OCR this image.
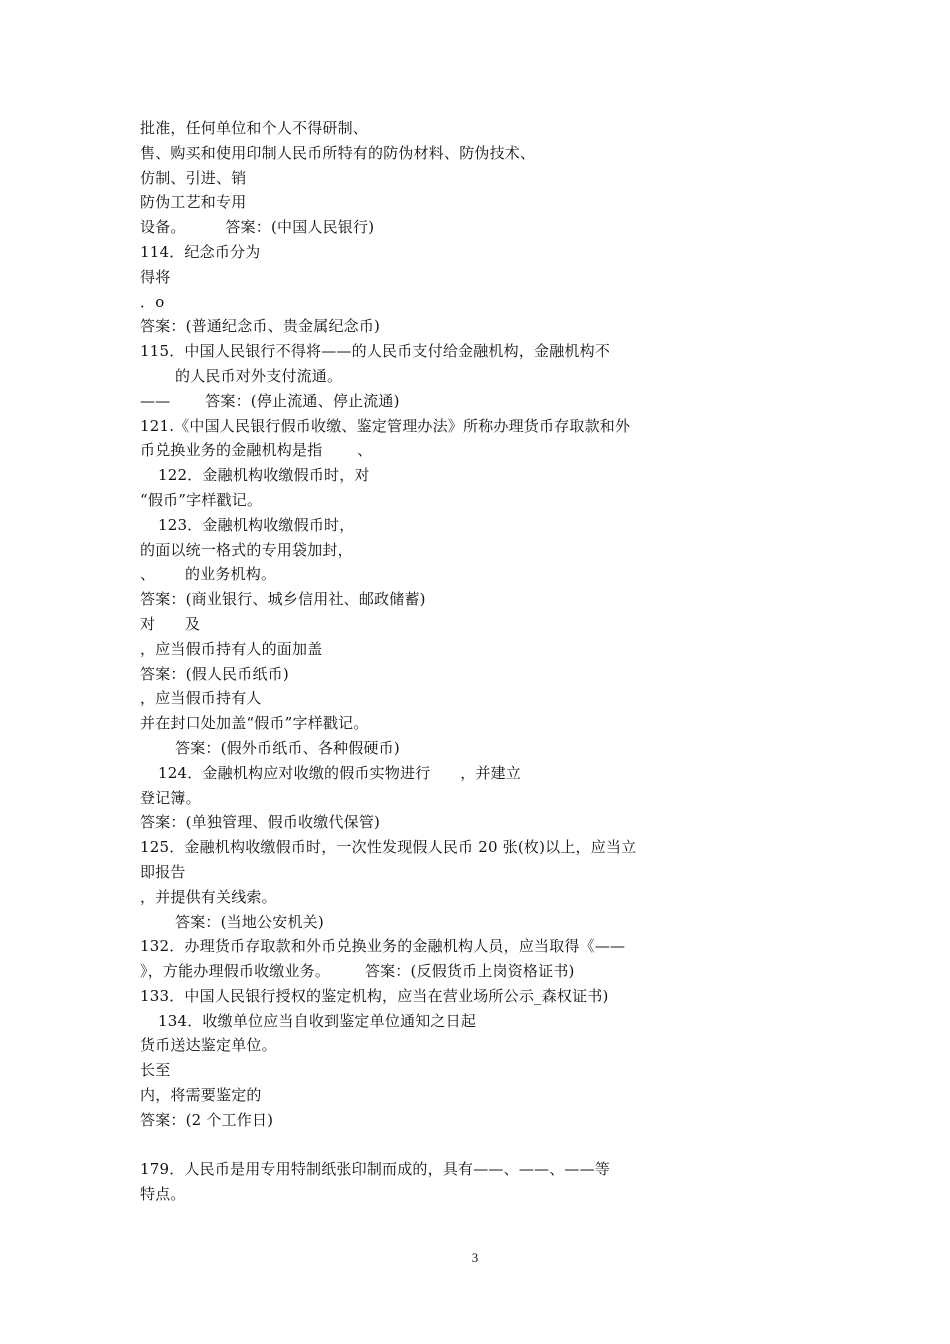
批准，任何单位和个人不得研制、
售、购买和使用印制人民币所特有的防伪材料、防伪技术、
仿制、引进、销
防伪工艺和专用
设备。        答案：(中国人民银行)
114．纪念币分为
得将
．o
答案：(普通纪念币、贵金属纪念币)
115．中国人民银行不得将——的人民币支付给金融机构，金融机构不
的人民币对外支付流通。
——       答案：(停止流通、停止流通)
121.《中国人民银行假币收缴、鉴定管理办法》所称办理货币存取款和外
币兑换业务的金融机构是指       、
122．金融机构收缴假币时，对
“假币”字样戳记。
123．金融机构收缴假币时，
的面以统一格式的专用袋加封，
、      的业务机构。
答案：(商业银行、城乡信用社、邮政储蓄)
对      及
，应当假币持有人的面加盖
答案：(假人民币纸币)
，应当假币持有人
并在封口处加盖“假币”字样戳记。
答案：(假外币纸币、各种假硬币)
124．金融机构应对收缴的假币实物进行      ，并建立
登记簿。
答案：(单独管理、假币收缴代保管)
125．金融机构收缴假币时，一次性发现假人民币 20 张(枚)以上，应当立
即报告
，并提供有关线索。
答案：(当地公安机关)
132．办理货币存取款和外币兑换业务的金融机构人员，应当取得《——
》，方能办理假币收缴业务。       答案：(反假货币上岗资格证书)
133．中国人民银行授权的鉴定机构，应当在营业场所公示_森权证书)
134．收缴单位应当自收到鉴定单位通知之日起
货币送达鉴定单位。
长至
内，将需要鉴定的
答案：(2 个工作日)
179．人民币是用专用特制纸张印制而成的，具有——、——、——等
特点。
3
